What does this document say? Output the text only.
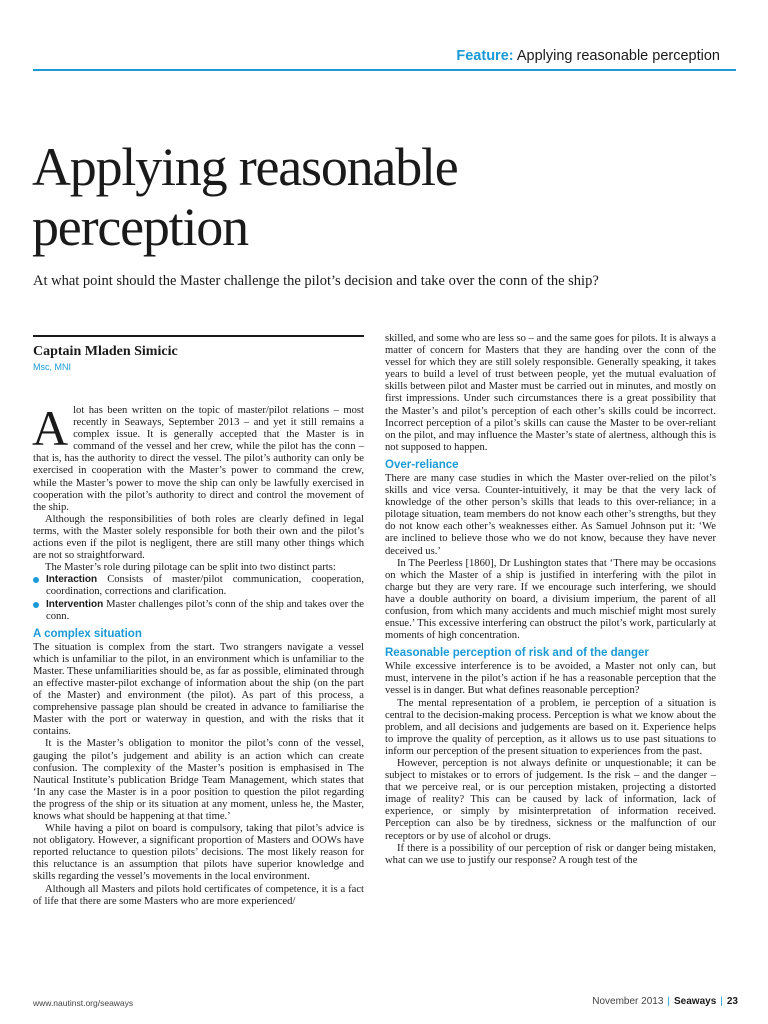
Feature: Applying reasonable perception
Applying reasonable
perception
At what point should the Master challenge the pilot’s decision and take over the conn of the ship?
Captain Mladen Simicic
Msc, MNI

Alot has been written on the topic of master/pilot relations – most recently in Seaways, September 2013 – and yet it still remains a complex issue. It is generally accepted that the Master is in command of the vessel and her crew, while the pilot has the conn – that is, has the authority to direct the vessel. The pilot’s authority can only be exercised in cooperation with the Master’s power to command the crew, while the Master’s power to move the ship can only be lawfully exercised in cooperation with the pilot’s authority to direct and control the movement of the ship.

Although the responsibilities of both roles are clearly defined in legal terms, with the Master solely responsible for both their own and the pilot’s actions even if the pilot is negligent, there are still many other things which are not so straightforward.

The Master’s role during pilotage can be split into two distinct parts:

Interaction Consists of master/pilot communication, cooperation, coordination, corrections and clarification.

Intervention Master challenges pilot’s conn of the ship and takes over the conn.

A complex situation

The situation is complex from the start. Two strangers navigate a vessel which is unfamiliar to the pilot, in an environment which is unfamiliar to the Master. These unfamiliarities should be, as far as possible, eliminated through an effective master-pilot exchange of information about the ship (on the part of the Master) and environment (the pilot). As part of this process, a comprehensive passage plan should be created in advance to familiarise the Master with the port or waterway in question, and with the risks that it contains.

It is the Master’s obligation to monitor the pilot’s conn of the vessel, gauging the pilot’s judgement and ability is an action which can create confusion. The complexity of the Master’s position is emphasised in The Nautical Institute’s publication Bridge Team Management, which states that ‘In any case the Master is in a poor position to question the pilot regarding the progress of the ship or its situation at any moment, unless he, the Master, knows what should be happening at that time.’

While having a pilot on board is compulsory, taking that pilot’s advice is not obligatory. However, a significant proportion of Masters and OOWs have reported reluctance to question pilots’ decisions. The most likely reason for this reluctance is an assumption that pilots have superior knowledge and skills regarding the vessel’s movements in the local environment.

Although all Masters and pilots hold certificates of competence, it is a fact of life that there are some Masters who are more experienced/

skilled, and some who are less so – and the same goes for pilots. It is always a matter of concern for Masters that they are handing over the conn of the vessel for which they are still solely responsible. Generally speaking, it takes years to build a level of trust between people, yet the mutual evaluation of skills between pilot and Master must be carried out in minutes, and mostly on first impressions. Under such circumstances there is a great possibility that the Master’s and pilot’s perception of each other’s skills could be incorrect. Incorrect perception of a pilot’s skills can cause the Master to be over-reliant on the pilot, and may influence the Master’s state of alertness, although this is not supposed to happen.

Over-reliance

There are many case studies in which the Master over-relied on the pilot’s skills and vice versa. Counter-intuitively, it may be that the very lack of knowledge of the other person’s skills that leads to this over-reliance; in a pilotage situation, team members do not know each other’s strengths, but they do not know each other’s weaknesses either. As Samuel Johnson put it: ‘We are inclined to believe those who we do not know, because they have never deceived us.’

In The Peerless [1860], Dr Lushington states that ‘There may be occasions on which the Master of a ship is justified in interfering with the pilot in charge but they are very rare. If we encourage such interfering, we should have a double authority on board, a divisium imperium, the parent of all confusion, from which many accidents and much mischief might most surely ensue.’ This excessive interfering can obstruct the pilot’s work, particularly at moments of high concentration.

Reasonable perception of risk and of the danger

While excessive interference is to be avoided, a Master not only can, but must, intervene in the pilot’s action if he has a reasonable perception that the vessel is in danger. But what defines reasonable perception?

The mental representation of a problem, ie perception of a situation is central to the decision-making process. Perception is what we know about the problem, and all decisions and judgements are based on it. Experience helps to improve the quality of perception, as it allows us to use past situations to inform our perception of the present situation to experiences from the past.

However, perception is not always definite or unquestionable; it can be subject to mistakes or to errors of judgement. Is the risk – and the danger – that we perceive real, or is our perception mistaken, projecting a distorted image of reality? This can be caused by lack of information, lack of experience, or simply by misinterpretation of information received. Perception can also be by tiredness, sickness or the malfunction of our receptors or by use of alcohol or drugs.

If there is a possibility of our perception of risk or danger being mistaken, what can we use to justify our response? A rough test of the

www.nautinst.org/seaways	November 2013 | Seaways | 23
